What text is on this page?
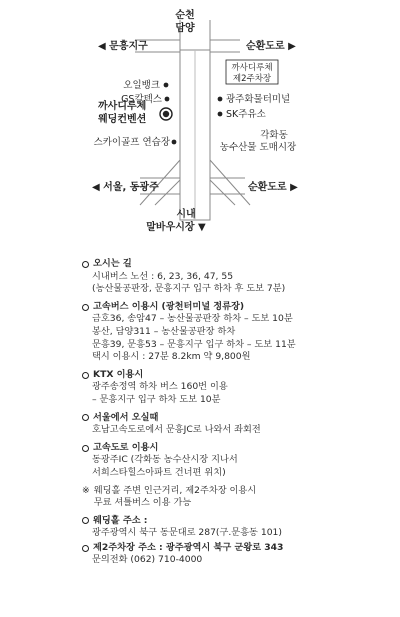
순천
담양
◀ 문흥지구	순환도로 ▶
까사디루체
제2주차장
오일뱅크
GS칼텍스
까사디루체
웨딩컨벤션
스카이골프 연습장
광주화물터미널
SK주유소
각화동
농수산물 도매시장
◀ 서울, 동광주	순환도로 ▶
시내
말바우시장 ▼
오시는 길
시내버스 노선 : 6, 23, 36, 47, 55
(농산물공판장, 문흥지구 입구 하차 후 도보 7분)
고속버스 이용시 (광천터미널 정류장)
금호36, 송암47 – 농산물공판장 하차 – 도보 10분
봉산, 담양311 – 농산물공판장 하차
문흥39, 문흥53 – 문흥지구 입구 하차 – 도보 11분
택시 이용시 : 27분 8.2km 약 9,800원
KTX 이용시
광주송정역 하차 버스 160번 이용
– 문흥지구 입구 하차 도보 10분
서울에서 오실때
호남고속도로에서 문흥JC로 나와서 좌회전
고속도로 이용시
동광주IC (각화동 농수산시장 지나서
서희스타힐스아파트 건너편 위치)
※ 웨딩홀 주변 인근거리, 제2주차장 이용시
무료 셔틀버스 이용 가능
웨딩홀 주소 :
광주광역시 북구 동문대로 287(구.문흥동 101)
제2주차장 주소 : 광주광역시 북구 군왕로 343
문의전화 (062) 710-4000
